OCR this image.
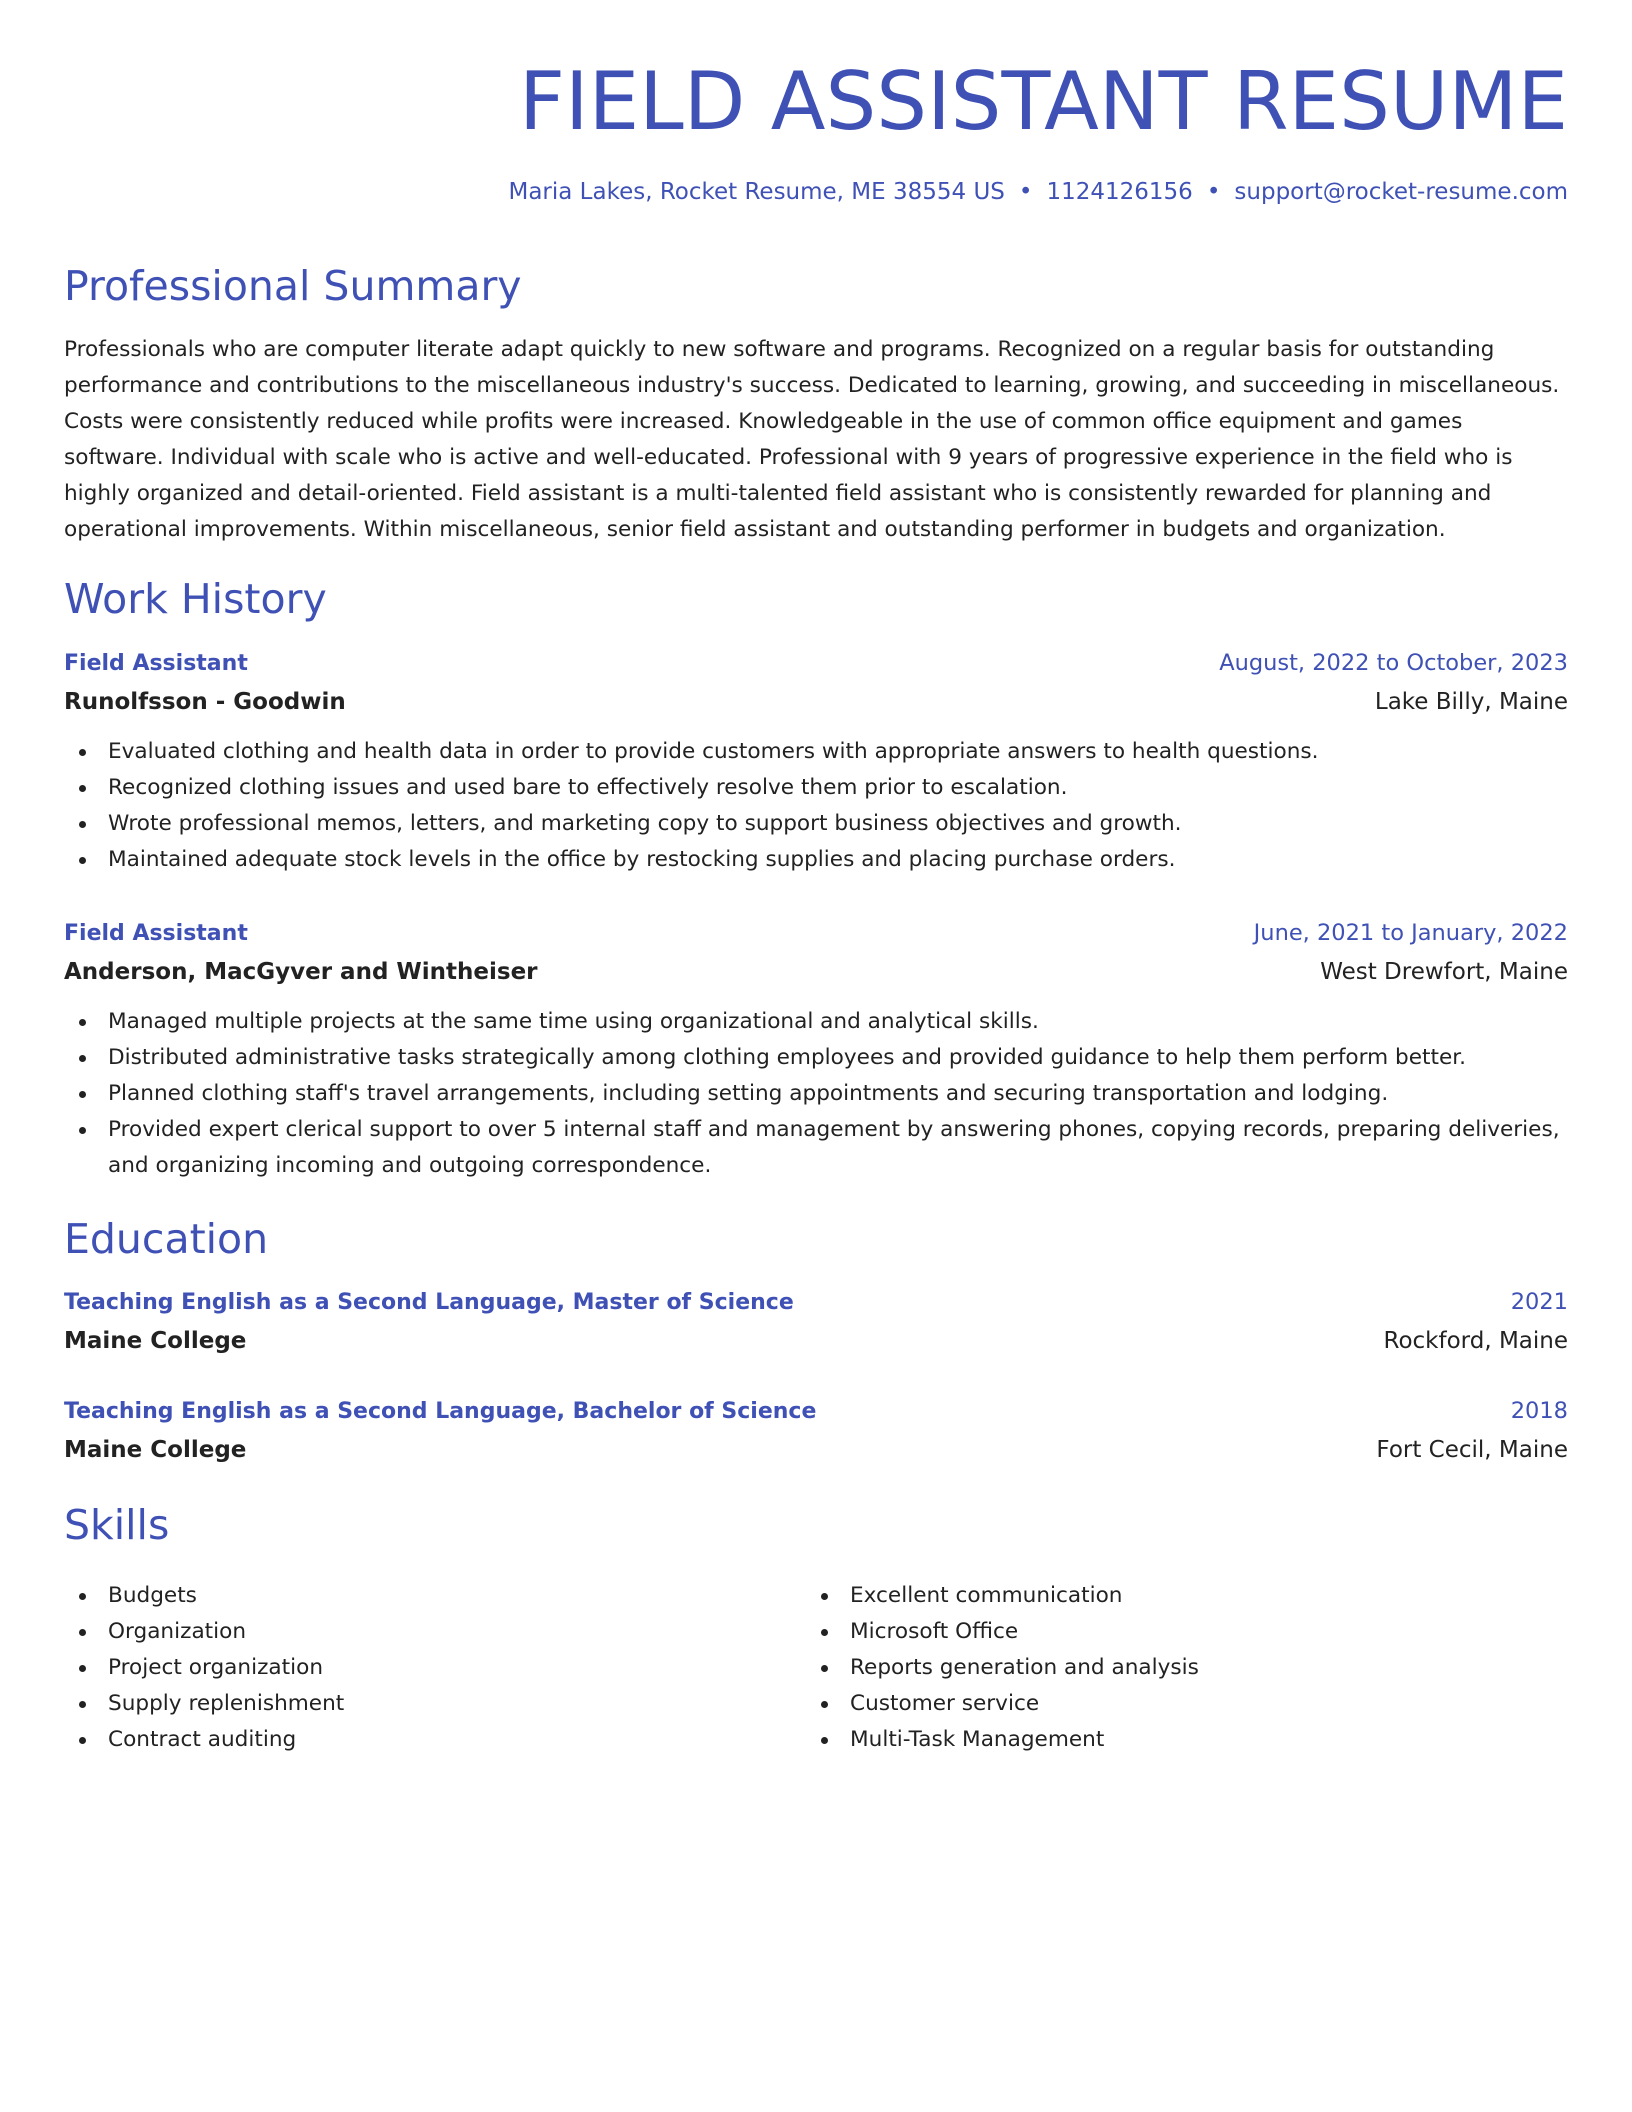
FIELD ASSISTANT RESUME
Maria Lakes, Rocket Resume, ME 38554 US • 1124126156 • support@rocket-resume.com
Professional Summary

Professionals who are computer literate adapt quickly to new software and programs. Recognized on a regular basis for outstanding performance and contributions to the miscellaneous industry's success. Dedicated to learning, growing, and succeeding in miscellaneous. Costs were consistently reduced while profits were increased. Knowledgeable in the use of common office equipment and games software. Individual with scale who is active and well-educated. Professional with 9 years of progressive experience in the field who is highly organized and detail-oriented. Field assistant is a multi-talented field assistant who is consistently rewarded for planning and operational improvements. Within miscellaneous, senior field assistant and outstanding performer in budgets and organization.

Work History
Field Assistant	August, 2022 to October, 2023
Runolfsson - Goodwin	Lake Billy, Maine
Evaluated clothing and health data in order to provide customers with appropriate answers to health questions.
Recognized clothing issues and used bare to effectively resolve them prior to escalation.
Wrote professional memos, letters, and marketing copy to support business objectives and growth.
Maintained adequate stock levels in the office by restocking supplies and placing purchase orders.
Field Assistant	June, 2021 to January, 2022
Anderson, MacGyver and Wintheiser	West Drewfort, Maine
Managed multiple projects at the same time using organizational and analytical skills.
Distributed administrative tasks strategically among clothing employees and provided guidance to help them perform better.
Planned clothing staff's travel arrangements, including setting appointments and securing transportation and lodging.
Provided expert clerical support to over 5 internal staff and management by answering phones, copying records, preparing deliveries, and organizing incoming and outgoing correspondence.
Education
Teaching English as a Second Language, Master of Science	2021
Maine College	Rockford, Maine
Teaching English as a Second Language, Bachelor of Science	2018
Maine College	Fort Cecil, Maine
Skills
Budgets
Organization
Project organization
Supply replenishment
Contract auditing
Excellent communication
Microsoft Office
Reports generation and analysis
Customer service
Multi-Task Management
